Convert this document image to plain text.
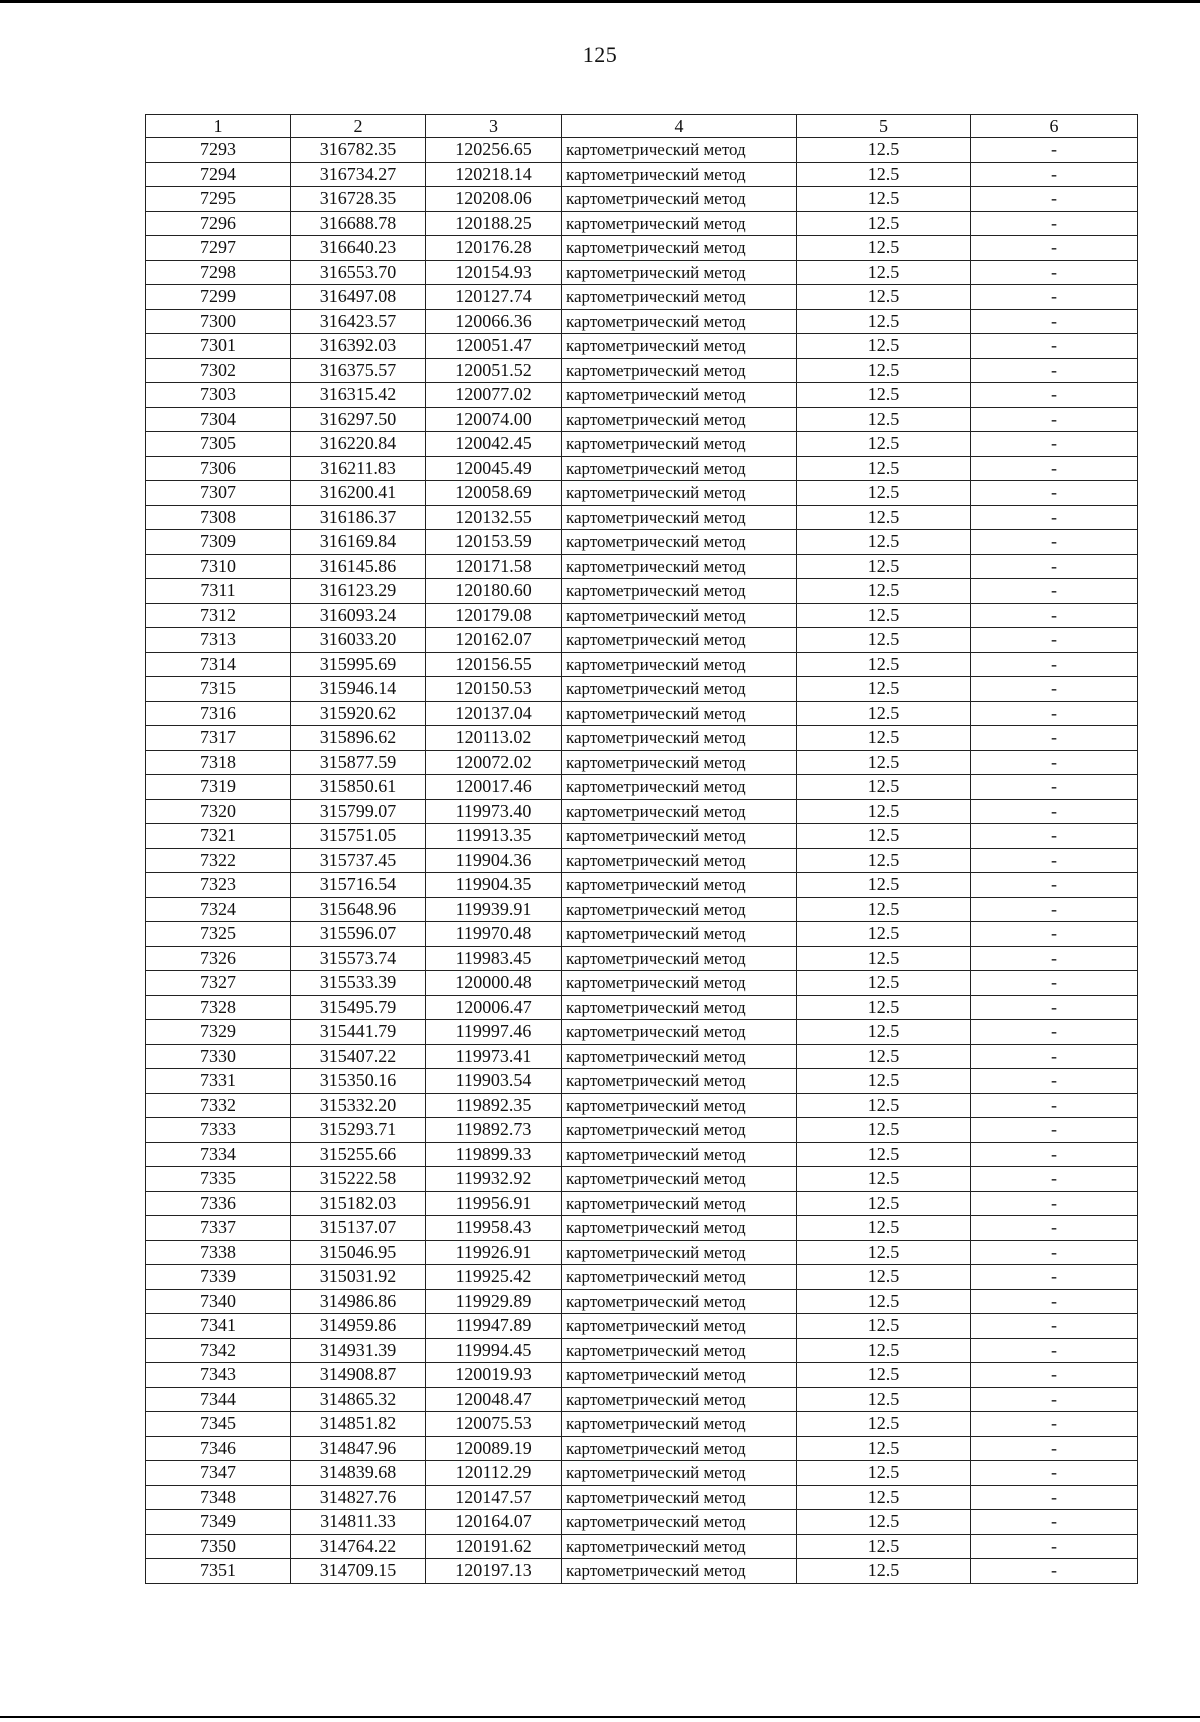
125
1	2	3	4	5	6
7293	316782.35	120256.65	картометрический метод	12.5	-
7294	316734.27	120218.14	картометрический метод	12.5	-
7295	316728.35	120208.06	картометрический метод	12.5	-
7296	316688.78	120188.25	картометрический метод	12.5	-
7297	316640.23	120176.28	картометрический метод	12.5	-
7298	316553.70	120154.93	картометрический метод	12.5	-
7299	316497.08	120127.74	картометрический метод	12.5	-
7300	316423.57	120066.36	картометрический метод	12.5	-
7301	316392.03	120051.47	картометрический метод	12.5	-
7302	316375.57	120051.52	картометрический метод	12.5	-
7303	316315.42	120077.02	картометрический метод	12.5	-
7304	316297.50	120074.00	картометрический метод	12.5	-
7305	316220.84	120042.45	картометрический метод	12.5	-
7306	316211.83	120045.49	картометрический метод	12.5	-
7307	316200.41	120058.69	картометрический метод	12.5	-
7308	316186.37	120132.55	картометрический метод	12.5	-
7309	316169.84	120153.59	картометрический метод	12.5	-
7310	316145.86	120171.58	картометрический метод	12.5	-
7311	316123.29	120180.60	картометрический метод	12.5	-
7312	316093.24	120179.08	картометрический метод	12.5	-
7313	316033.20	120162.07	картометрический метод	12.5	-
7314	315995.69	120156.55	картометрический метод	12.5	-
7315	315946.14	120150.53	картометрический метод	12.5	-
7316	315920.62	120137.04	картометрический метод	12.5	-
7317	315896.62	120113.02	картометрический метод	12.5	-
7318	315877.59	120072.02	картометрический метод	12.5	-
7319	315850.61	120017.46	картометрический метод	12.5	-
7320	315799.07	119973.40	картометрический метод	12.5	-
7321	315751.05	119913.35	картометрический метод	12.5	-
7322	315737.45	119904.36	картометрический метод	12.5	-
7323	315716.54	119904.35	картометрический метод	12.5	-
7324	315648.96	119939.91	картометрический метод	12.5	-
7325	315596.07	119970.48	картометрический метод	12.5	-
7326	315573.74	119983.45	картометрический метод	12.5	-
7327	315533.39	120000.48	картометрический метод	12.5	-
7328	315495.79	120006.47	картометрический метод	12.5	-
7329	315441.79	119997.46	картометрический метод	12.5	-
7330	315407.22	119973.41	картометрический метод	12.5	-
7331	315350.16	119903.54	картометрический метод	12.5	-
7332	315332.20	119892.35	картометрический метод	12.5	-
7333	315293.71	119892.73	картометрический метод	12.5	-
7334	315255.66	119899.33	картометрический метод	12.5	-
7335	315222.58	119932.92	картометрический метод	12.5	-
7336	315182.03	119956.91	картометрический метод	12.5	-
7337	315137.07	119958.43	картометрический метод	12.5	-
7338	315046.95	119926.91	картометрический метод	12.5	-
7339	315031.92	119925.42	картометрический метод	12.5	-
7340	314986.86	119929.89	картометрический метод	12.5	-
7341	314959.86	119947.89	картометрический метод	12.5	-
7342	314931.39	119994.45	картометрический метод	12.5	-
7343	314908.87	120019.93	картометрический метод	12.5	-
7344	314865.32	120048.47	картометрический метод	12.5	-
7345	314851.82	120075.53	картометрический метод	12.5	-
7346	314847.96	120089.19	картометрический метод	12.5	-
7347	314839.68	120112.29	картометрический метод	12.5	-
7348	314827.76	120147.57	картометрический метод	12.5	-
7349	314811.33	120164.07	картометрический метод	12.5	-
7350	314764.22	120191.62	картометрический метод	12.5	-
7351	314709.15	120197.13	картометрический метод	12.5	-
